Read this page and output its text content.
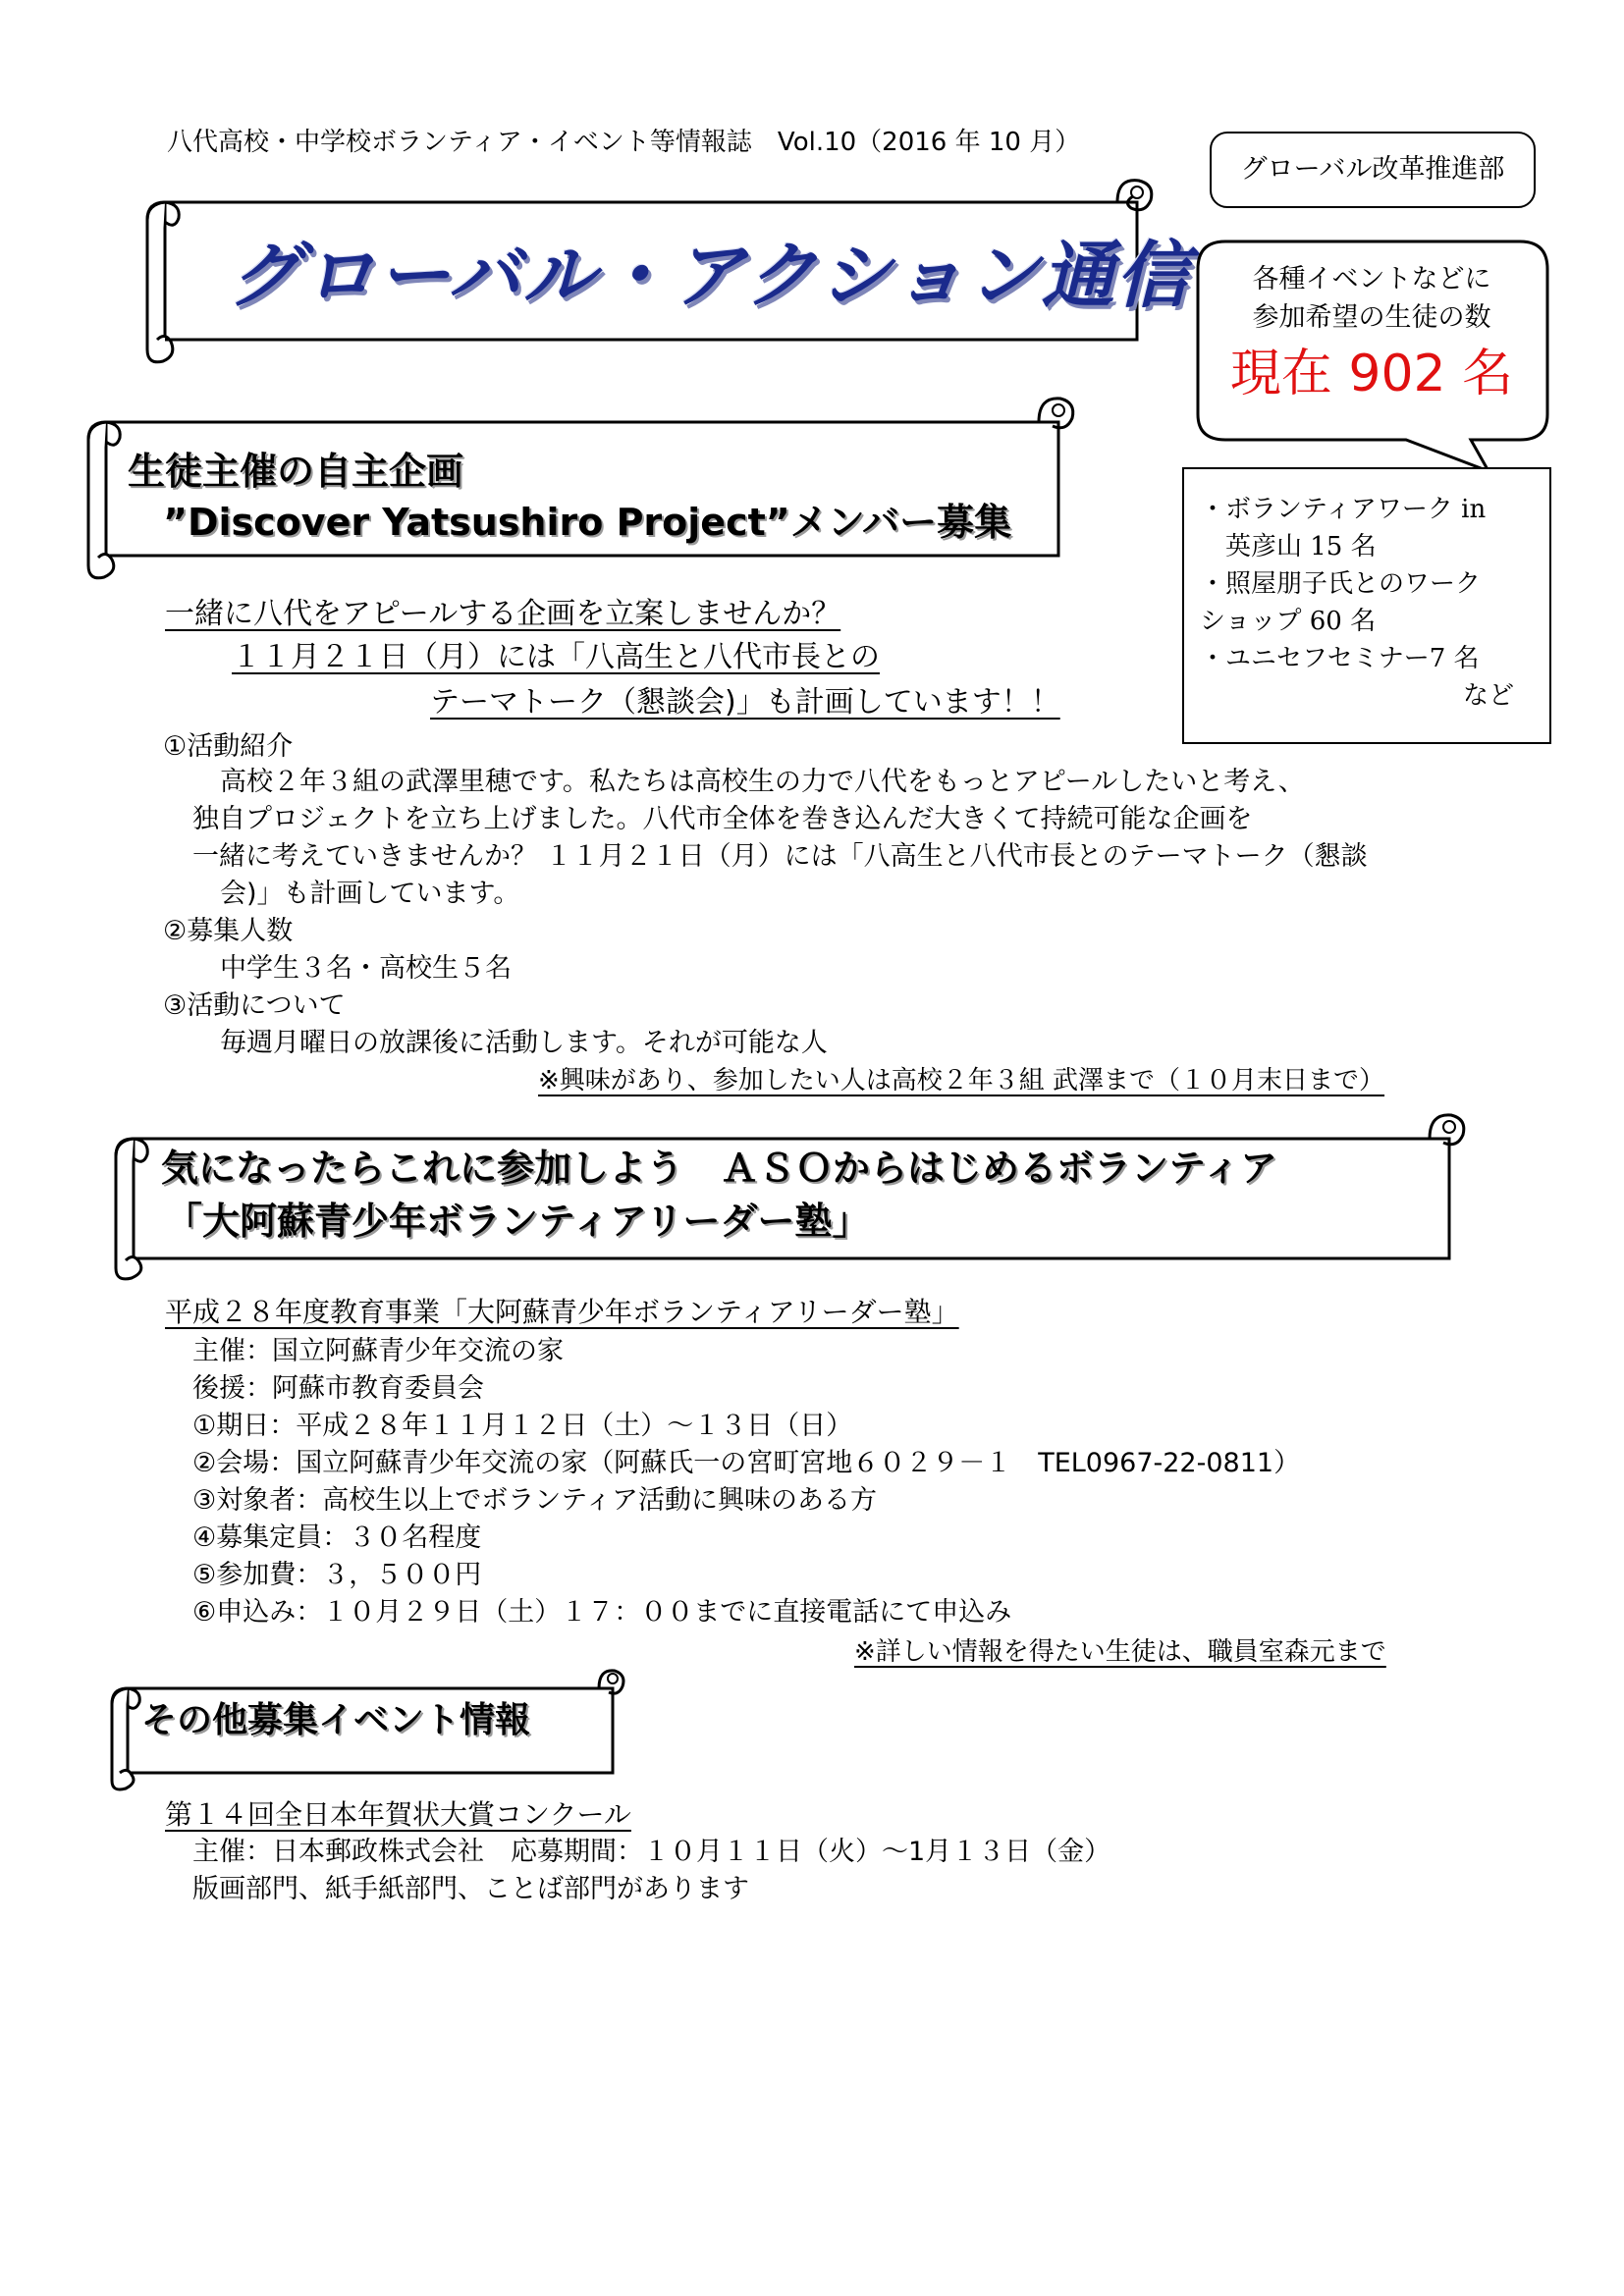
八代高校・中学校ボランティア・イベント等情報誌　Vol.10（2016 年 10 月）
グローバル改革推進部
グローバル・アクション通信	各種イベントなどに
参加希望の生徒の数
現在 902 名
・ボランティアワーク in
　英彦山 15 名
・照屋朋子氏とのワーク
ショップ 60 名
・ユニセフセミナー7 名
など
生徒主催の自主企画
”Discover Yatsushiro Project”メンバー募集
一緒に八代をアピールする企画を立案しませんか？
１１月２１日（月）には「八高生と八代市長との
テーマトーク（懇談会)」も計画しています！！
①活動紹介
高校２年３組の武澤里穂です。私たちは高校生の力で八代をもっとアピールしたいと考え、
独自プロジェクトを立ち上げました。八代市全体を巻き込んだ大きくて持続可能な企画を
一緒に考えていきませんか？ １１月２１日（月）には「八高生と八代市長とのテーマトーク（懇談
会)」も計画しています。
②募集人数
中学生３名・高校生５名
③活動について
毎週月曜日の放課後に活動します。それが可能な人
※興味があり、参加したい人は高校２年３組 武澤まで（１０月末日まで）
気になったらこれに参加しよう　ＡＳＯからはじめるボランティア
「大阿蘇青少年ボランティアリーダー塾」
平成２８年度教育事業「大阿蘇青少年ボランティアリーダー塾」
主催：国立阿蘇青少年交流の家
後援：阿蘇市教育委員会
①期日：平成２８年１１月１２日（土）～１３日（日）
②会場：国立阿蘇青少年交流の家（阿蘇氏一の宮町宮地６０２９－１　TEL0967-22-0811）
③対象者：高校生以上でボランティア活動に興味のある方
④募集定員：３０名程度
⑤参加費：３，５００円
⑥申込み：１０月２９日（土）１７：００までに直接電話にて申込み
※詳しい情報を得たい生徒は、職員室森元まで
その他募集イベント情報
第１４回全日本年賀状大賞コンクール
主催：日本郵政株式会社　応募期間：１０月１１日（火）～1月１３日（金）
版画部門、紙手紙部門、ことば部門があります
